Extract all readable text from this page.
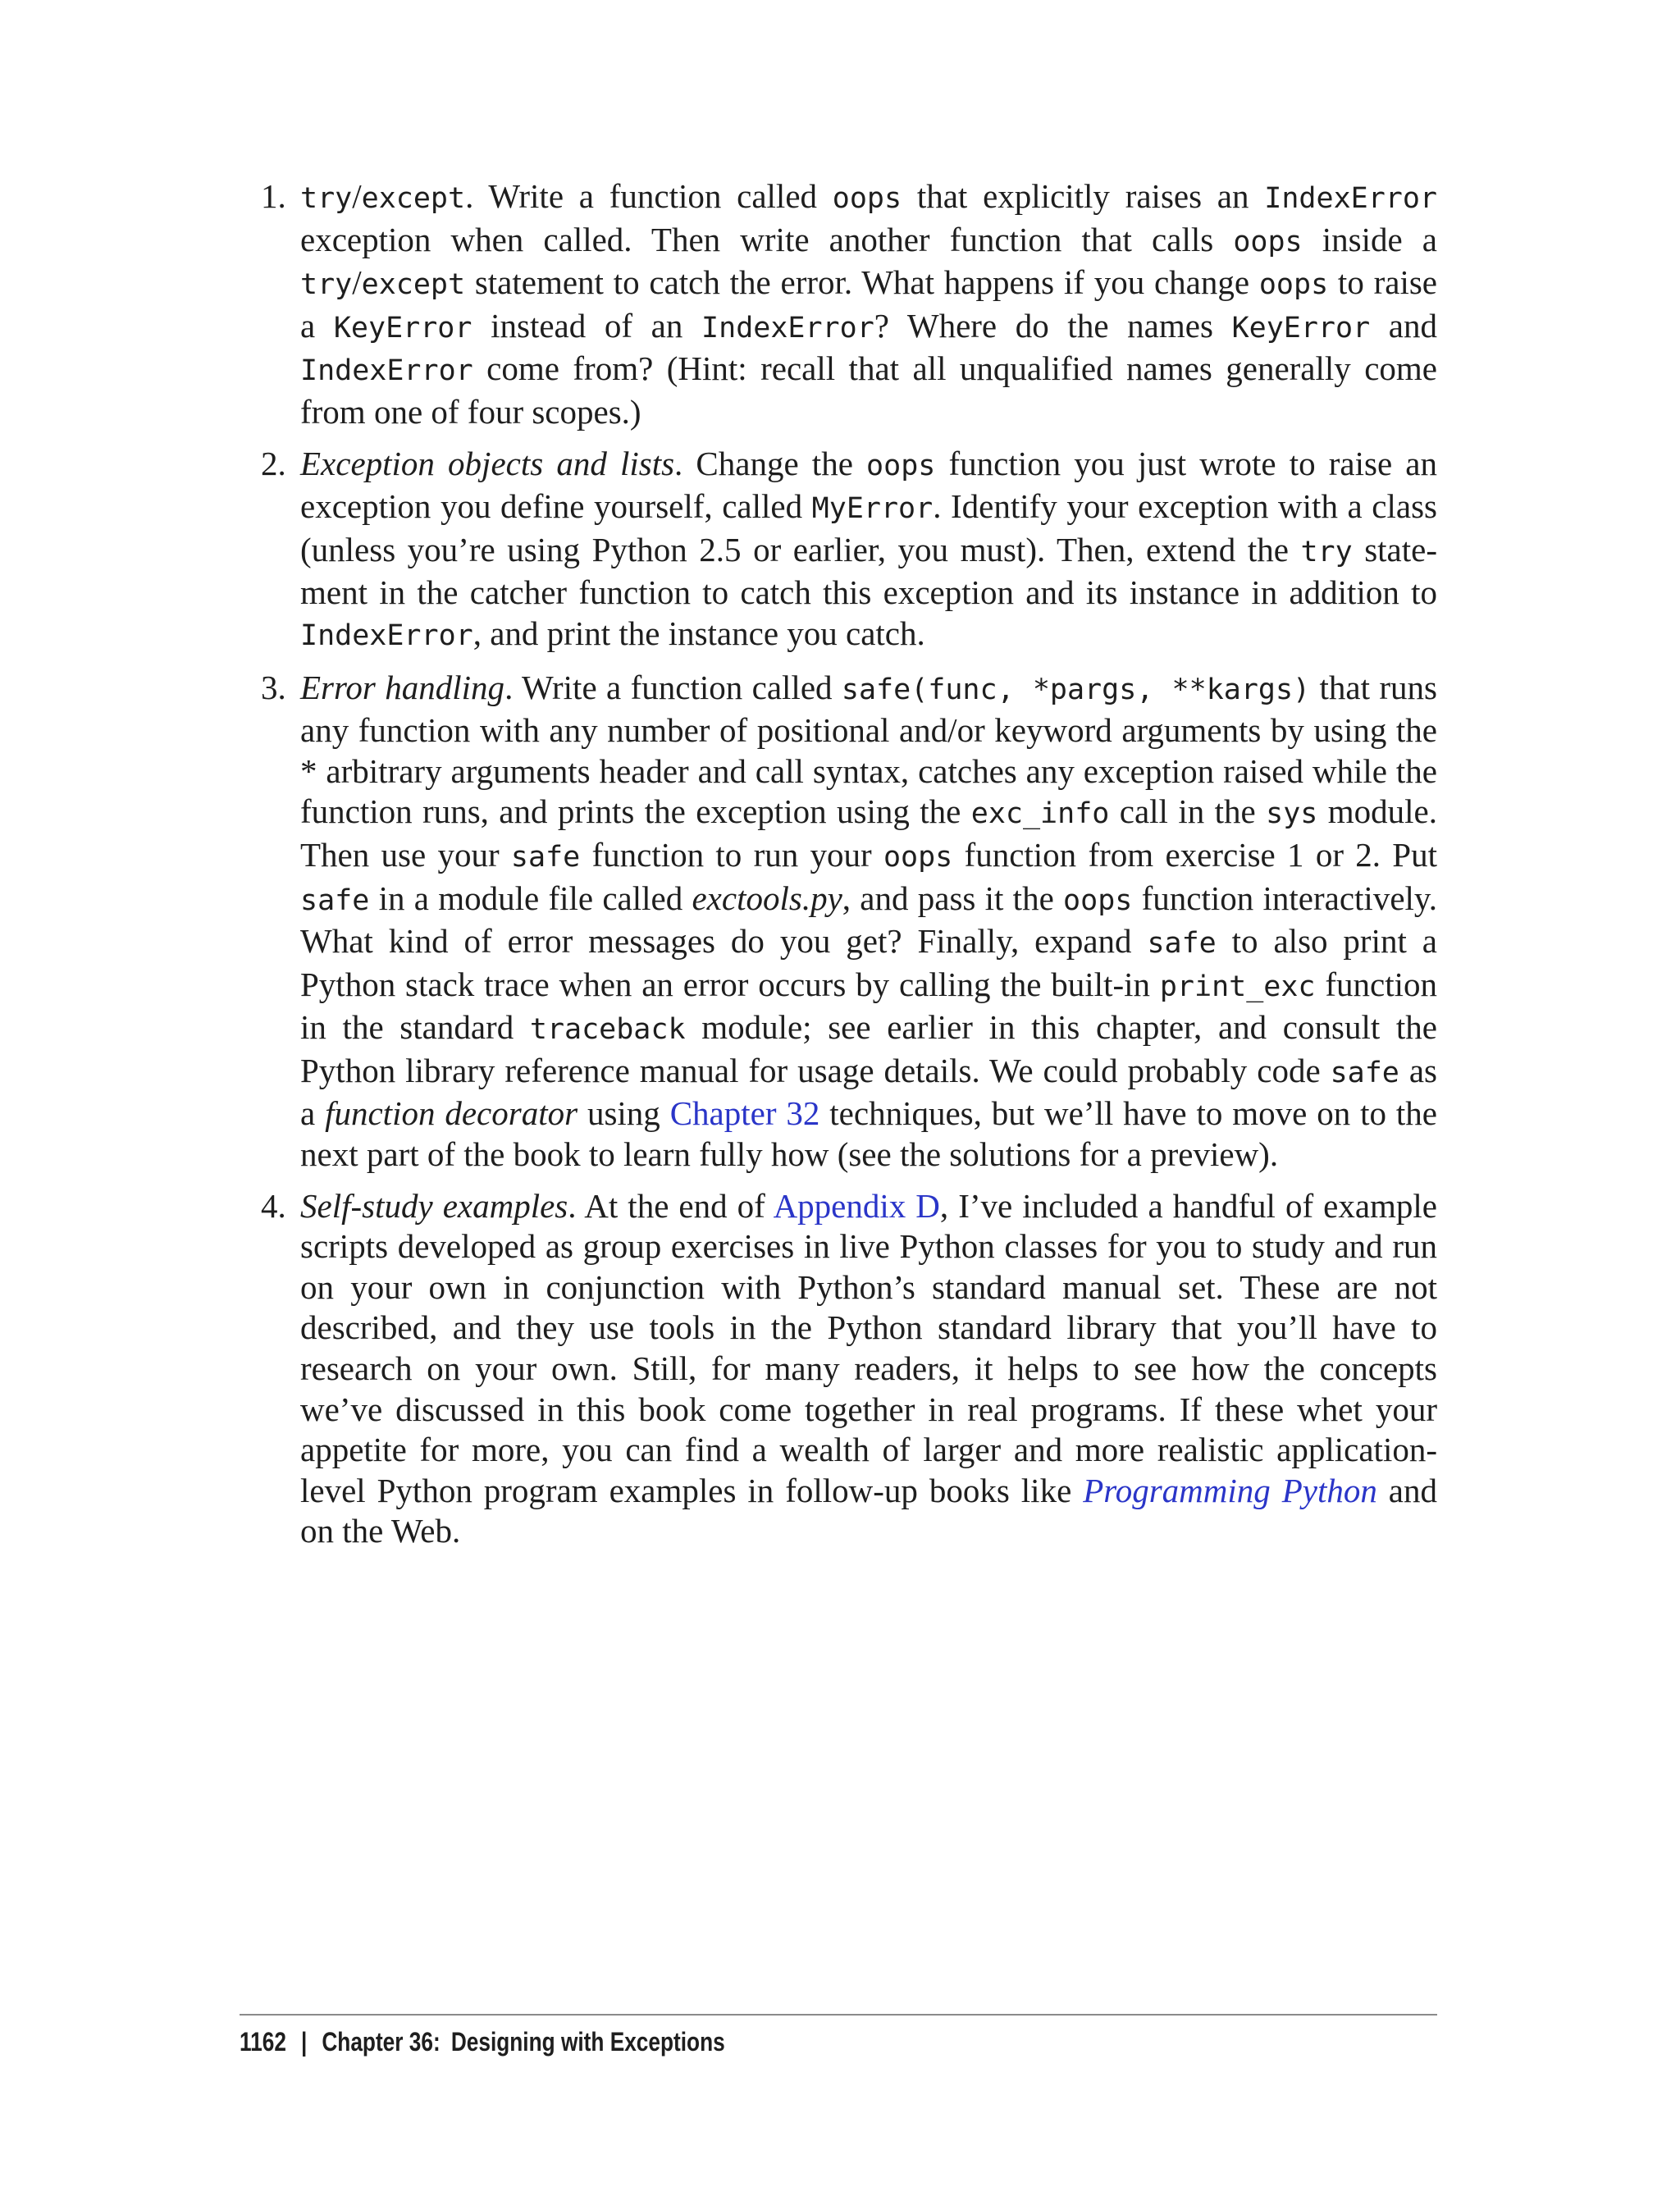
1. try/except. Write a function called oops that explicitly raises an IndexError exception when called. Then write another function that calls oops inside a try/except statement to catch the error. What happens if you change oops to raise a KeyError instead of an IndexError? Where do the names KeyError and IndexError come from? (Hint: recall that all unqualified names generally come from one of four scopes.)
2. Exception objects and lists. Change the oops function you just wrote to raise an exception you define yourself, called MyError. Identify your exception with a class (unless you’re using Python 2.5 or earlier, you must). Then, extend the try statement in the catcher function to catch this exception and its instance in addition to IndexError, and print the instance you catch.
3. Error handling. Write a function called safe(func, *pargs, **kargs) that runs any function with any number of positional and/or keyword arguments by using the * arbitrary arguments header and call syntax, catches any exception raised while the function runs, and prints the exception using the exc_info call in the sys module. Then use your safe function to run your oops function from exercise 1 or 2. Put safe in a module file called exctools.py, and pass it the oops function interactively. What kind of error messages do you get? Finally, expand safe to also print a Python stack trace when an error occurs by calling the built-in print_exc function in the standard traceback module; see earlier in this chapter, and consult the Python library reference manual for usage details. We could probably code safe as a function decorator using Chapter 32 techniques, but we’ll have to move on to the next part of the book to learn fully how (see the solutions for a preview).
4. Self-study examples. At the end of Appendix D, I’ve included a handful of example scripts developed as group exercises in live Python classes for you to study and run on your own in conjunction with Python’s standard manual set. These are not described, and they use tools in the Python standard library that you’ll have to research on your own. Still, for many readers, it helps to see how the concepts we’ve discussed in this book come together in real programs. If these whet your appetite for more, you can find a wealth of larger and more realistic application-level Python program examples in follow-up books like Programming Python and on the Web.
1162 | Chapter 36: Designing with Exceptions
